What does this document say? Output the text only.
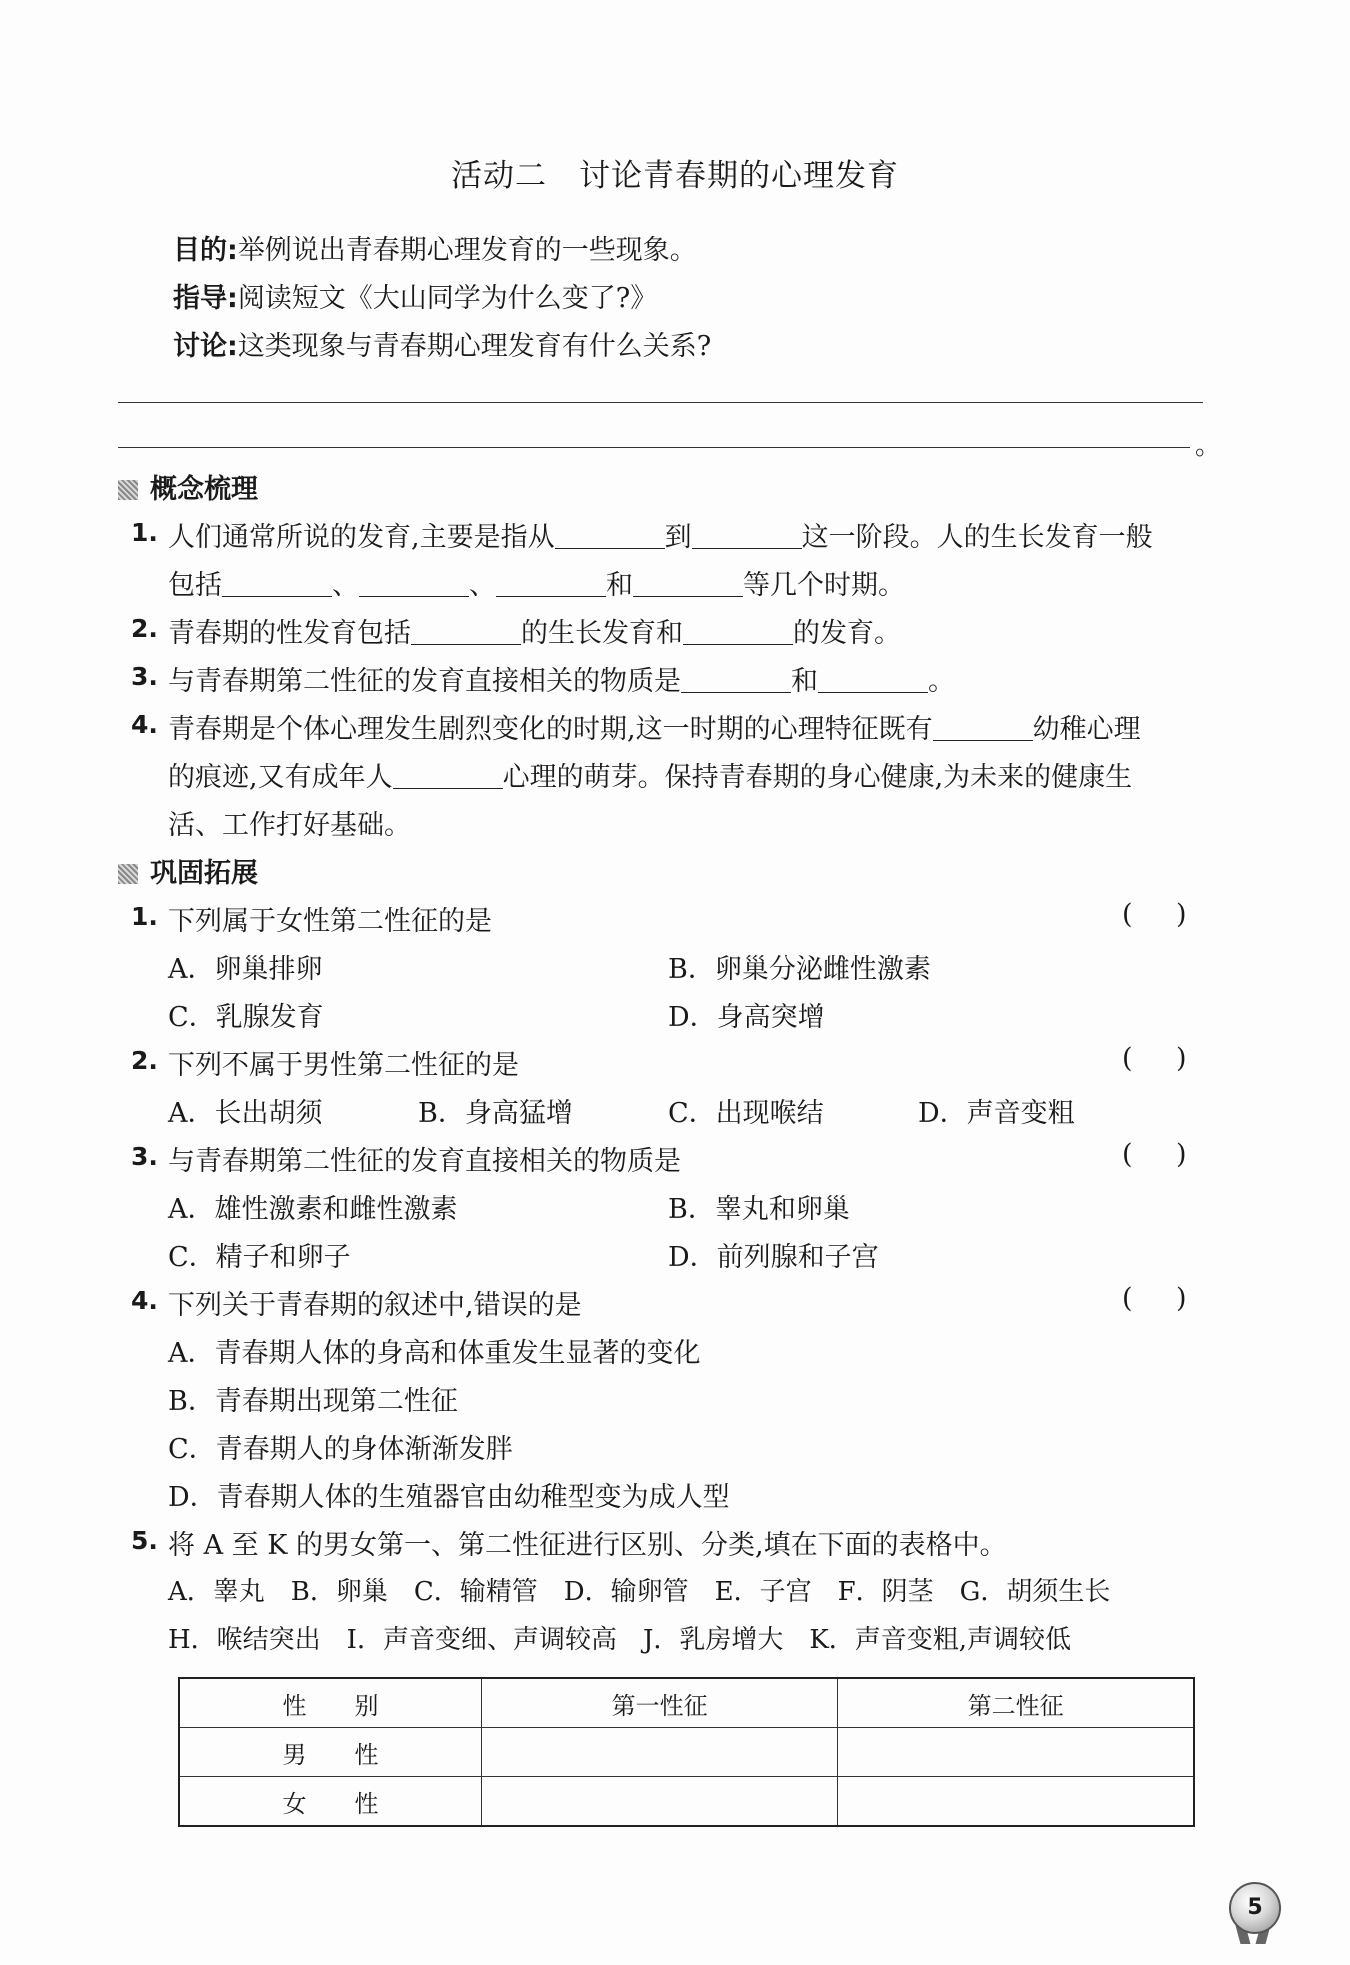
活动二　讨论青春期的心理发育
目的:举例说出青春期心理发育的一些现象。
指导:阅读短文《大山同学为什么变了?》
讨论:这类现象与青春期心理发育有什么关系?
。
概念梳理
1. 人们通常所说的发育,主要是指从	到	这一阶段。人的生长发育一般
包括	、	、	和	等几个时期。
2. 青春期的性发育包括	的生长发育和	的发育。
3. 与青春期第二性征的发育直接相关的物质是	和	。
4. 青春期是个体心理发生剧烈变化的时期,这一时期的心理特征既有	幼稚心理
的痕迹,又有成年人	心理的萌芽。保持青春期的身心健康,为未来的健康生
活、工作打好基础。
巩固拓展
1. 下列属于女性第二性征的是	( )
A．卵巢排卵	B．卵巢分泌雌性激素
C．乳腺发育	D．身高突增
2. 下列不属于男性第二性征的是	( )
A．长出胡须	B．身高猛增	C．出现喉结	D．声音变粗
3. 与青春期第二性征的发育直接相关的物质是	( )
A．雄性激素和雌性激素	B．睾丸和卵巢
C．精子和卵子	D．前列腺和子宫
4. 下列关于青春期的叙述中,错误的是	( )
A．青春期人体的身高和体重发生显著的变化
B．青春期出现第二性征
C．青春期人的身体渐渐发胖
D．青春期人体的生殖器官由幼稚型变为成人型
5. 将 A 至 K 的男女第一、第二性征进行区别、分类,填在下面的表格中。
A．睾丸　B．卵巢　C．输精管　D．输卵管　E．子宫　F．阴茎　G．胡须生长
H．喉结突出　I．声音变细、声调较高　J．乳房增大　K．声音变粗,声调较低
性　　别	第一性征	第二性征
男　　性		
女　　性		
5
